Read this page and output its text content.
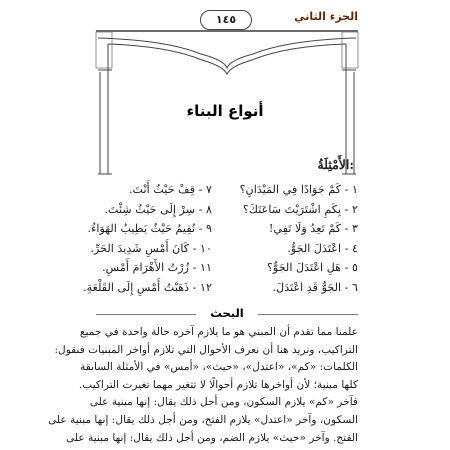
١٤٥	الجزء الثاني
أنواع البناء
الأَمْثِلَةُ:
١ - كَمْ جَوَادًا فِي المَيْدَانِ؟
٧ - قِفْ حَيْثُ أَنْتَ.
٢ - بِكَمِ اشْتَرَيْتَ سَاعَتَكَ؟
٨ - سِرْ إِلَى حَيْثُ شِئْتَ.
٣ - كَمْ تَعِدُ وَلَا تَفِي!
٩ - نُقِيمُ حَيْثُ يَطِيبُ الهَوَاءُ.
٤ - اعْتَدَلَ الجَوُّ.
١٠ - كَانَ أَمْسِ شَدِيدَ الحَرِّ.
٥ - هَلِ اعْتَدَلَ الجَوُّ؟
١١ - زُرْتُ الأَهْرَامَ أَمْسِ.
٦ - الجَوُّ قَدِ اعْتَدَلَ.
١٢ - ذَهَبْتُ أَمْسِ إِلَى القَلْعَةِ.
البحث

علمنا مما تقدم أن المبني هو ما يلازم آخره حالة واحدة في جميع

التراكيب، ونريد هنا أن نعرف الأحوال التي تلازم أواخر المبنيات فنقول:

الكلمات: «كم»، «اعتدل»، «حيث»، «أمس» في الأمثلة السابقة

كلها مبنية؛ لأن أواخرها تلازم أحوالًا لا تتغير مهما تغيرت التراكيب.

فآخر «كم» يلازم السكون، ومن أجل ذلك يقال: إنها مبنية على

السكون، وآخر «اعتدل» يلازم الفتح، ومن أجل ذلك يقال: إنها مبنية على

الفتح. وآخر «حيث» يلازم الضم، ومن أجل ذلك يقال: إنها مبنية على
